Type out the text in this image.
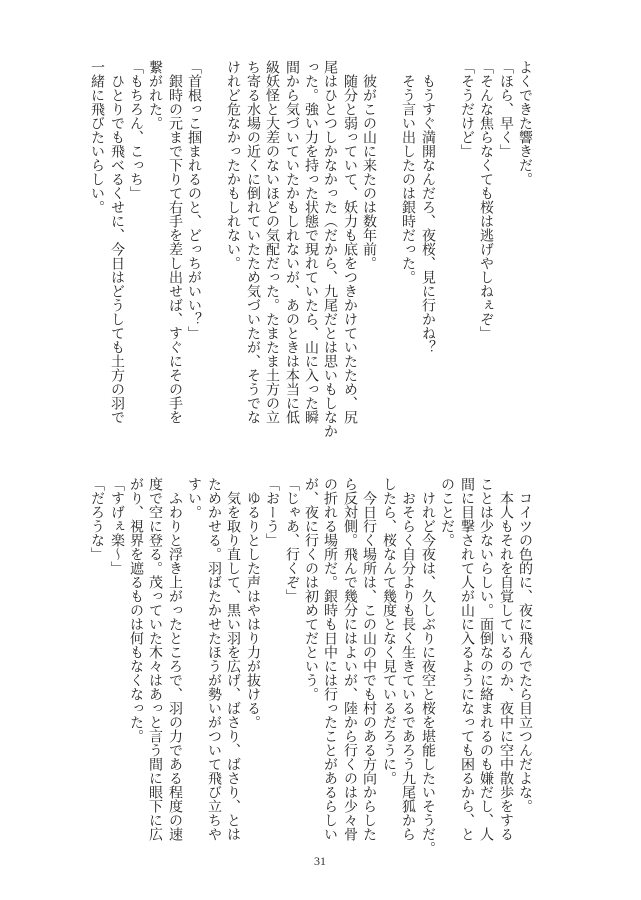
よくできた響きだ。
「ほら、早く」
「そんな焦らなくても桜は逃げやしねぇぞ」
「そうだけど」
もうすぐ満開なんだろ、夜桜、見に行かね？
そう言い出したのは銀時だった。
彼がこの山に来たのは数年前。
随分と弱っていて、妖力も底をつきかけていたため、尻
尾はひとつしかなかった（だから、九尾だとは思いもしなか
った。強い力を持った状態で現れていたら、山に入った瞬
間から気づいていたかもしれないが、あのときは本当に低
級妖怪と大差のないほどの気配だった。たまたま土方の立
ち寄る水場の近くに倒れていたため気づいたが、そうでな
けれど危なかったかもしれない。
「首根っこ掴まれるのと、どっちがいい？」
銀時の元まで下りて右手を差し出せば、すぐにその手を
繋がれた。
「もちろん、こっち」
ひとりでも飛べるくせに、今日はどうしても土方の羽で
一緒に飛びたいらしい。
コイツの色的に、夜に飛んでたら目立つんだよな。
本人もそれを自覚しているのか、夜中に空中散歩をする
ことは少ないらしい。面倒なのに絡まれるのも嫌だし、人
間に目撃されて人が山に入るようになっても困るから、と
のことだ。
けれど今夜は、久しぶりに夜空と桜を堪能したいそうだ。
おそらく自分よりも長く生きているであろう九尾狐から
したら、桜なんて幾度となく見ているだろうに。
今日行く場所は、この山の中でも村のある方向からした
ら反対側。飛んで幾分にはよいが、陸から行くのは少々骨
の折れる場所だ。銀時も日中には行ったことがあるらしい
が、夜に行くのは初めてだという。
「じゃあ、行くぞ」
「おーう」
ゆるりとした声はやはり力が抜ける。
気を取り直して、黒い羽を広げ、ばさり、ばさり、とは
ためかせる。羽ばたかせたほうが勢いがついて飛び立ちや
すい。
ふわりと浮き上がったところで、羽の力である程度の速
度で空に登る。茂っていた木々はあっと言う間に眼下に広
がり、視界を遮るものは何もなくなった。
「すげぇ楽〜」
「だろうな」
31
